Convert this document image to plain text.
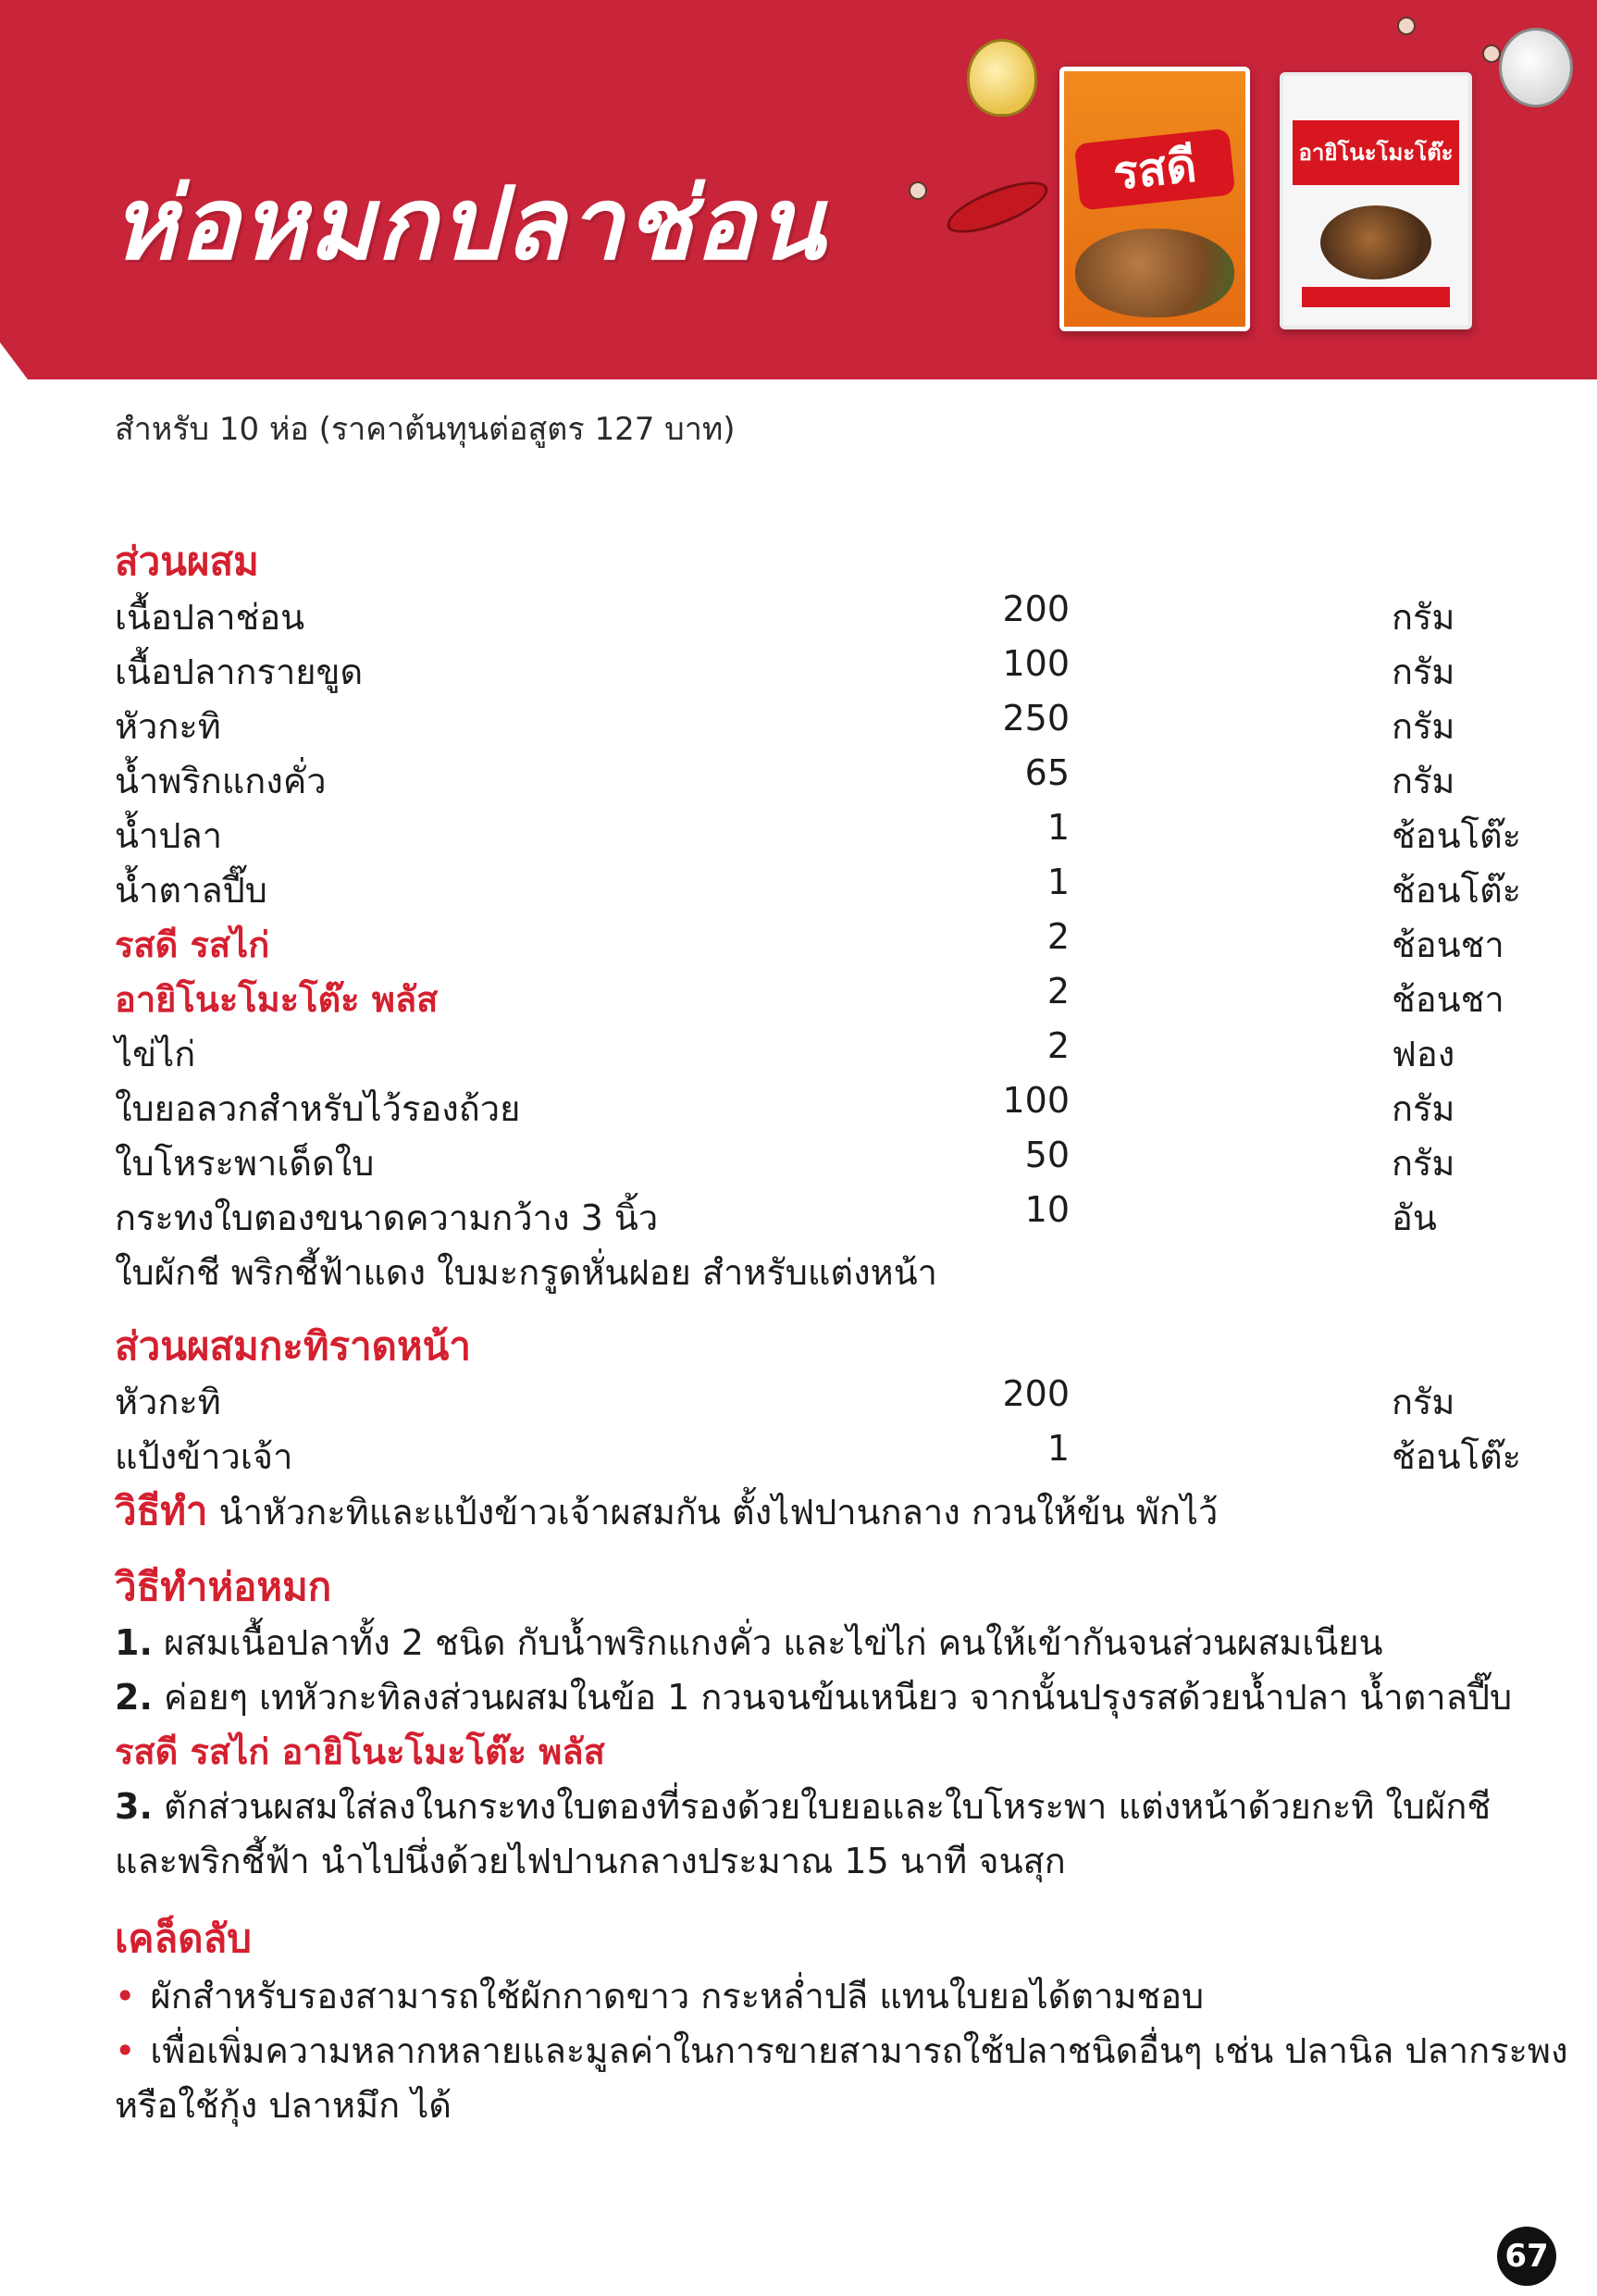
ห่อหมกปลาช่อน	รสดี	อายิโนะโมะโต๊ะ
สำหรับ 10 ห่อ (ราคาต้นทุนต่อสูตร 127 บาท)
ส่วนผสม
เนื้อปลาช่อน	200	กรัม
เนื้อปลากรายขูด	100	กรัม
หัวกะทิ	250	กรัม
น้ำพริกแกงคั่ว	65	กรัม
น้ำปลา	1	ช้อนโต๊ะ
น้ำตาลปี๊บ	1	ช้อนโต๊ะ
รสดี รสไก่	2	ช้อนชา
อายิโนะโมะโต๊ะ พลัส	2	ช้อนชา
ไข่ไก่	2	ฟอง
ใบยอลวกสำหรับไว้รองถ้วย	100	กรัม
ใบโหระพาเด็ดใบ	50	กรัม
กระทงใบตองขนาดความกว้าง 3 นิ้ว	10	อัน
ใบผักชี พริกชี้ฟ้าแดง ใบมะกรูดหั่นฝอย สำหรับแต่งหน้า
ส่วนผสมกะทิราดหน้า
หัวกะทิ	200	กรัม
แป้งข้าวเจ้า	1	ช้อนโต๊ะ
วิธีทำ นำหัวกะทิและแป้งข้าวเจ้าผสมกัน ตั้งไฟปานกลาง กวนให้ข้น พักไว้
วิธีทำห่อหมก
1. ผสมเนื้อปลาทั้ง 2 ชนิด กับน้ำพริกแกงคั่ว และไข่ไก่ คนให้เข้ากันจนส่วนผสมเนียน
2. ค่อยๆ เทหัวกะทิลงส่วนผสมในข้อ 1 กวนจนข้นเหนียว จากนั้นปรุงรสด้วยน้ำปลา น้ำตาลปี๊บ
รสดี รสไก่ อายิโนะโมะโต๊ะ พลัส
3. ตักส่วนผสมใส่ลงในกระทงใบตองที่รองด้วยใบยอและใบโหระพา แต่งหน้าด้วยกะทิ ใบผักชี
และพริกชี้ฟ้า นำไปนึ่งด้วยไฟปานกลางประมาณ 15 นาที จนสุก
เคล็ดลับ
• ผักสำหรับรองสามารถใช้ผักกาดขาว กระหล่ำปลี แทนใบยอได้ตามชอบ
• เพื่อเพิ่มความหลากหลายและมูลค่าในการขายสามารถใช้ปลาชนิดอื่นๆ เช่น ปลานิล ปลากระพง
หรือใช้กุ้ง ปลาหมึก ได้
67
